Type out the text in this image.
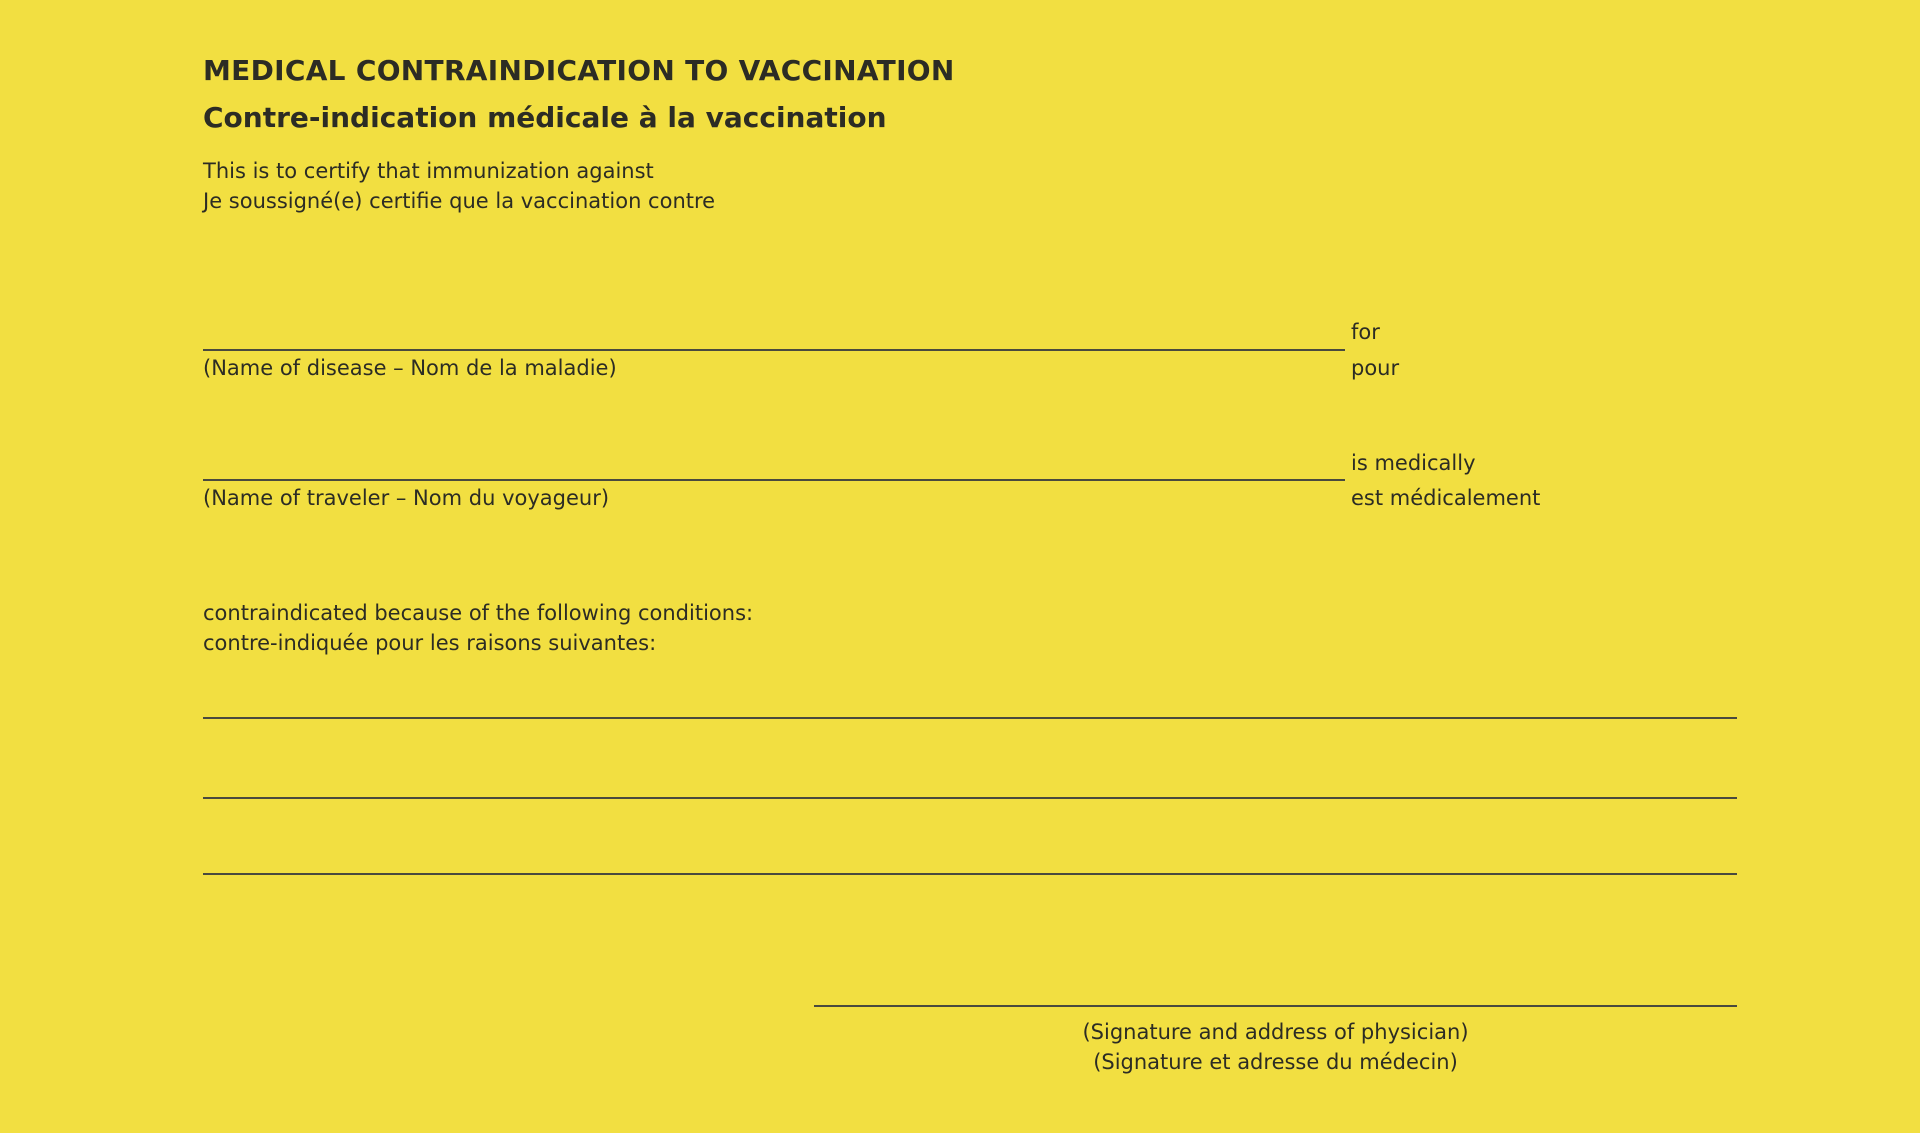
MEDICAL CONTRAINDICATION TO VACCINATION
Contre-indication médicale à la vaccination
This is to certify that immunization against
Je soussigné(e) certifie que la vaccination contre
(Name of disease – Nom de la maladie)
for
pour
(Name of traveler – Nom du voyageur)
is medically
est médicalement
contraindicated because of the following conditions:
contre-indiquée pour les raisons suivantes:
(Signature and address of physician)
(Signature et adresse du médecin)
